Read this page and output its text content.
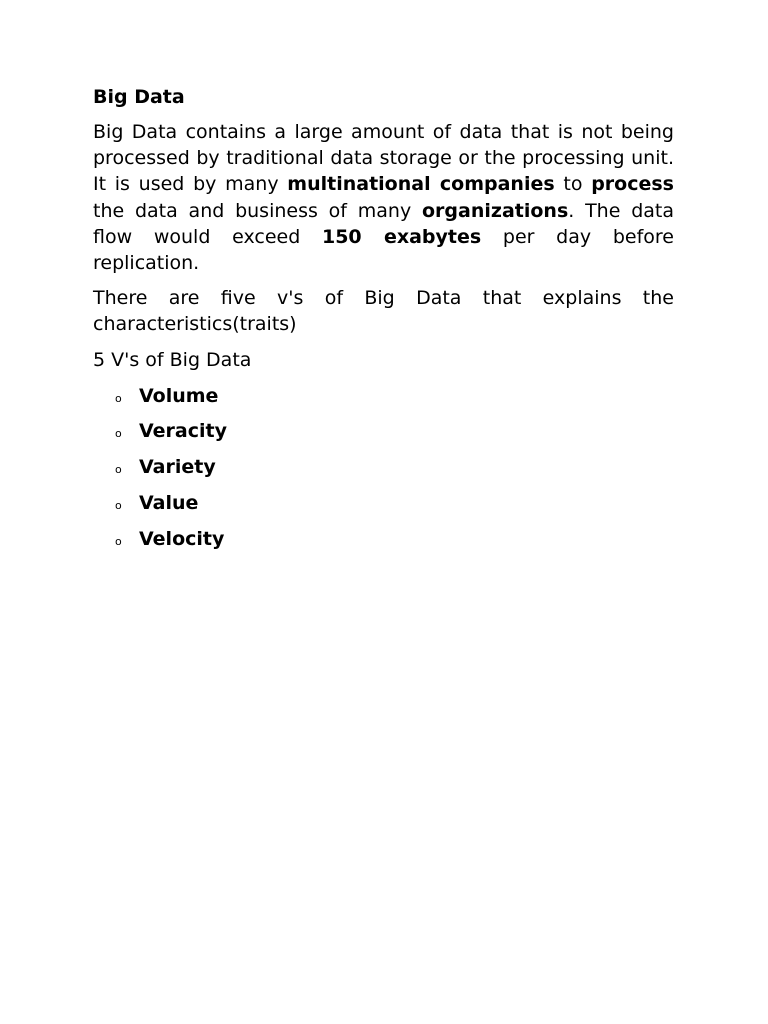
Big Data

Big Data contains a large amount of data that is not being processed by traditional data storage or the processing unit. It is used by many multinational companies to process the data and business of many organizations. The data flow would exceed 150 exabytes per day before replication.

There are five v's of Big Data that explains the characteristics(traits)

5 V's of Big Data
o Volume
o Veracity
o Variety
o Value
o Velocity
